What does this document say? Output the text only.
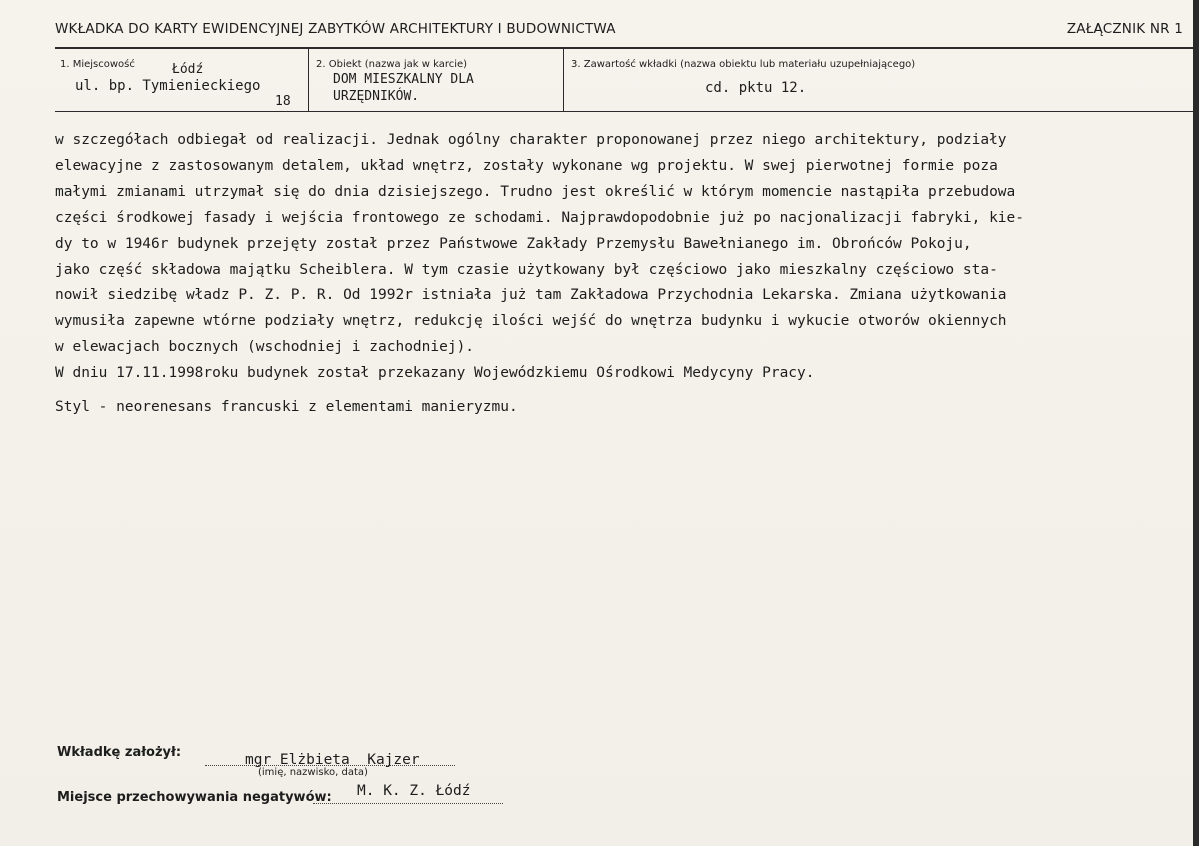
WKŁADKA DO KARTY EWIDENCYJNEJ ZABYTKÓW ARCHITEKTURY I BUDOWNICTWA	ZAŁĄCZNIK NR 1
1. Miejscowość	Łódź
ul. bp. Tymienieckiego
18
2. Obiekt (nazwa jak w karcie)
DOM MIESZKALNY DLA
URZĘDNIKÓW.
3. Zawartość wkładki (nazwa obiektu lub materiału uzupełniającego)
cd. pktu 12.
w szczegółach odbiegał od realizacji. Jednak ogólny charakter proponowanej przez niego architektury, podziały
elewacyjne z zastosowanym detalem, układ wnętrz, zostały wykonane wg projektu. W swej pierwotnej formie poza
małymi zmianami utrzymał się do dnia dzisiejszego. Trudno jest określić w którym momencie nastąpiła przebudowa
części środkowej fasady i wejścia frontowego ze schodami. Najprawdopodobnie już po nacjonalizacji fabryki, kie-
dy to w 1946r budynek przejęty został przez Państwowe Zakłady Przemysłu Bawełnianego im. Obrońców Pokoju,
jako część składowa majątku Scheiblera. W tym czasie użytkowany był częściowo jako mieszkalny częściowo sta-
nowił siedzibę władz P. Z. P. R. Od 1992r istniała już tam Zakładowa Przychodnia Lekarska. Zmiana użytkowania
wymusiła zapewne wtórne podziały wnętrz, redukcję ilości wejść do wnętrza budynku i wykucie otworów okiennych
w elewacjach bocznych (wschodniej i zachodniej).
W dniu 17.11.1998roku budynek został przekazany Wojewódzkiemu Ośrodkowi Medycyny Pracy.
Styl - neorenesans francuski z elementami manieryzmu.
Wkładkę założył:	mgr Elżbieta  Kajzer
(imię, nazwisko, data)
Miejsce przechowywania negatywów: M. K. Z. Łódź
